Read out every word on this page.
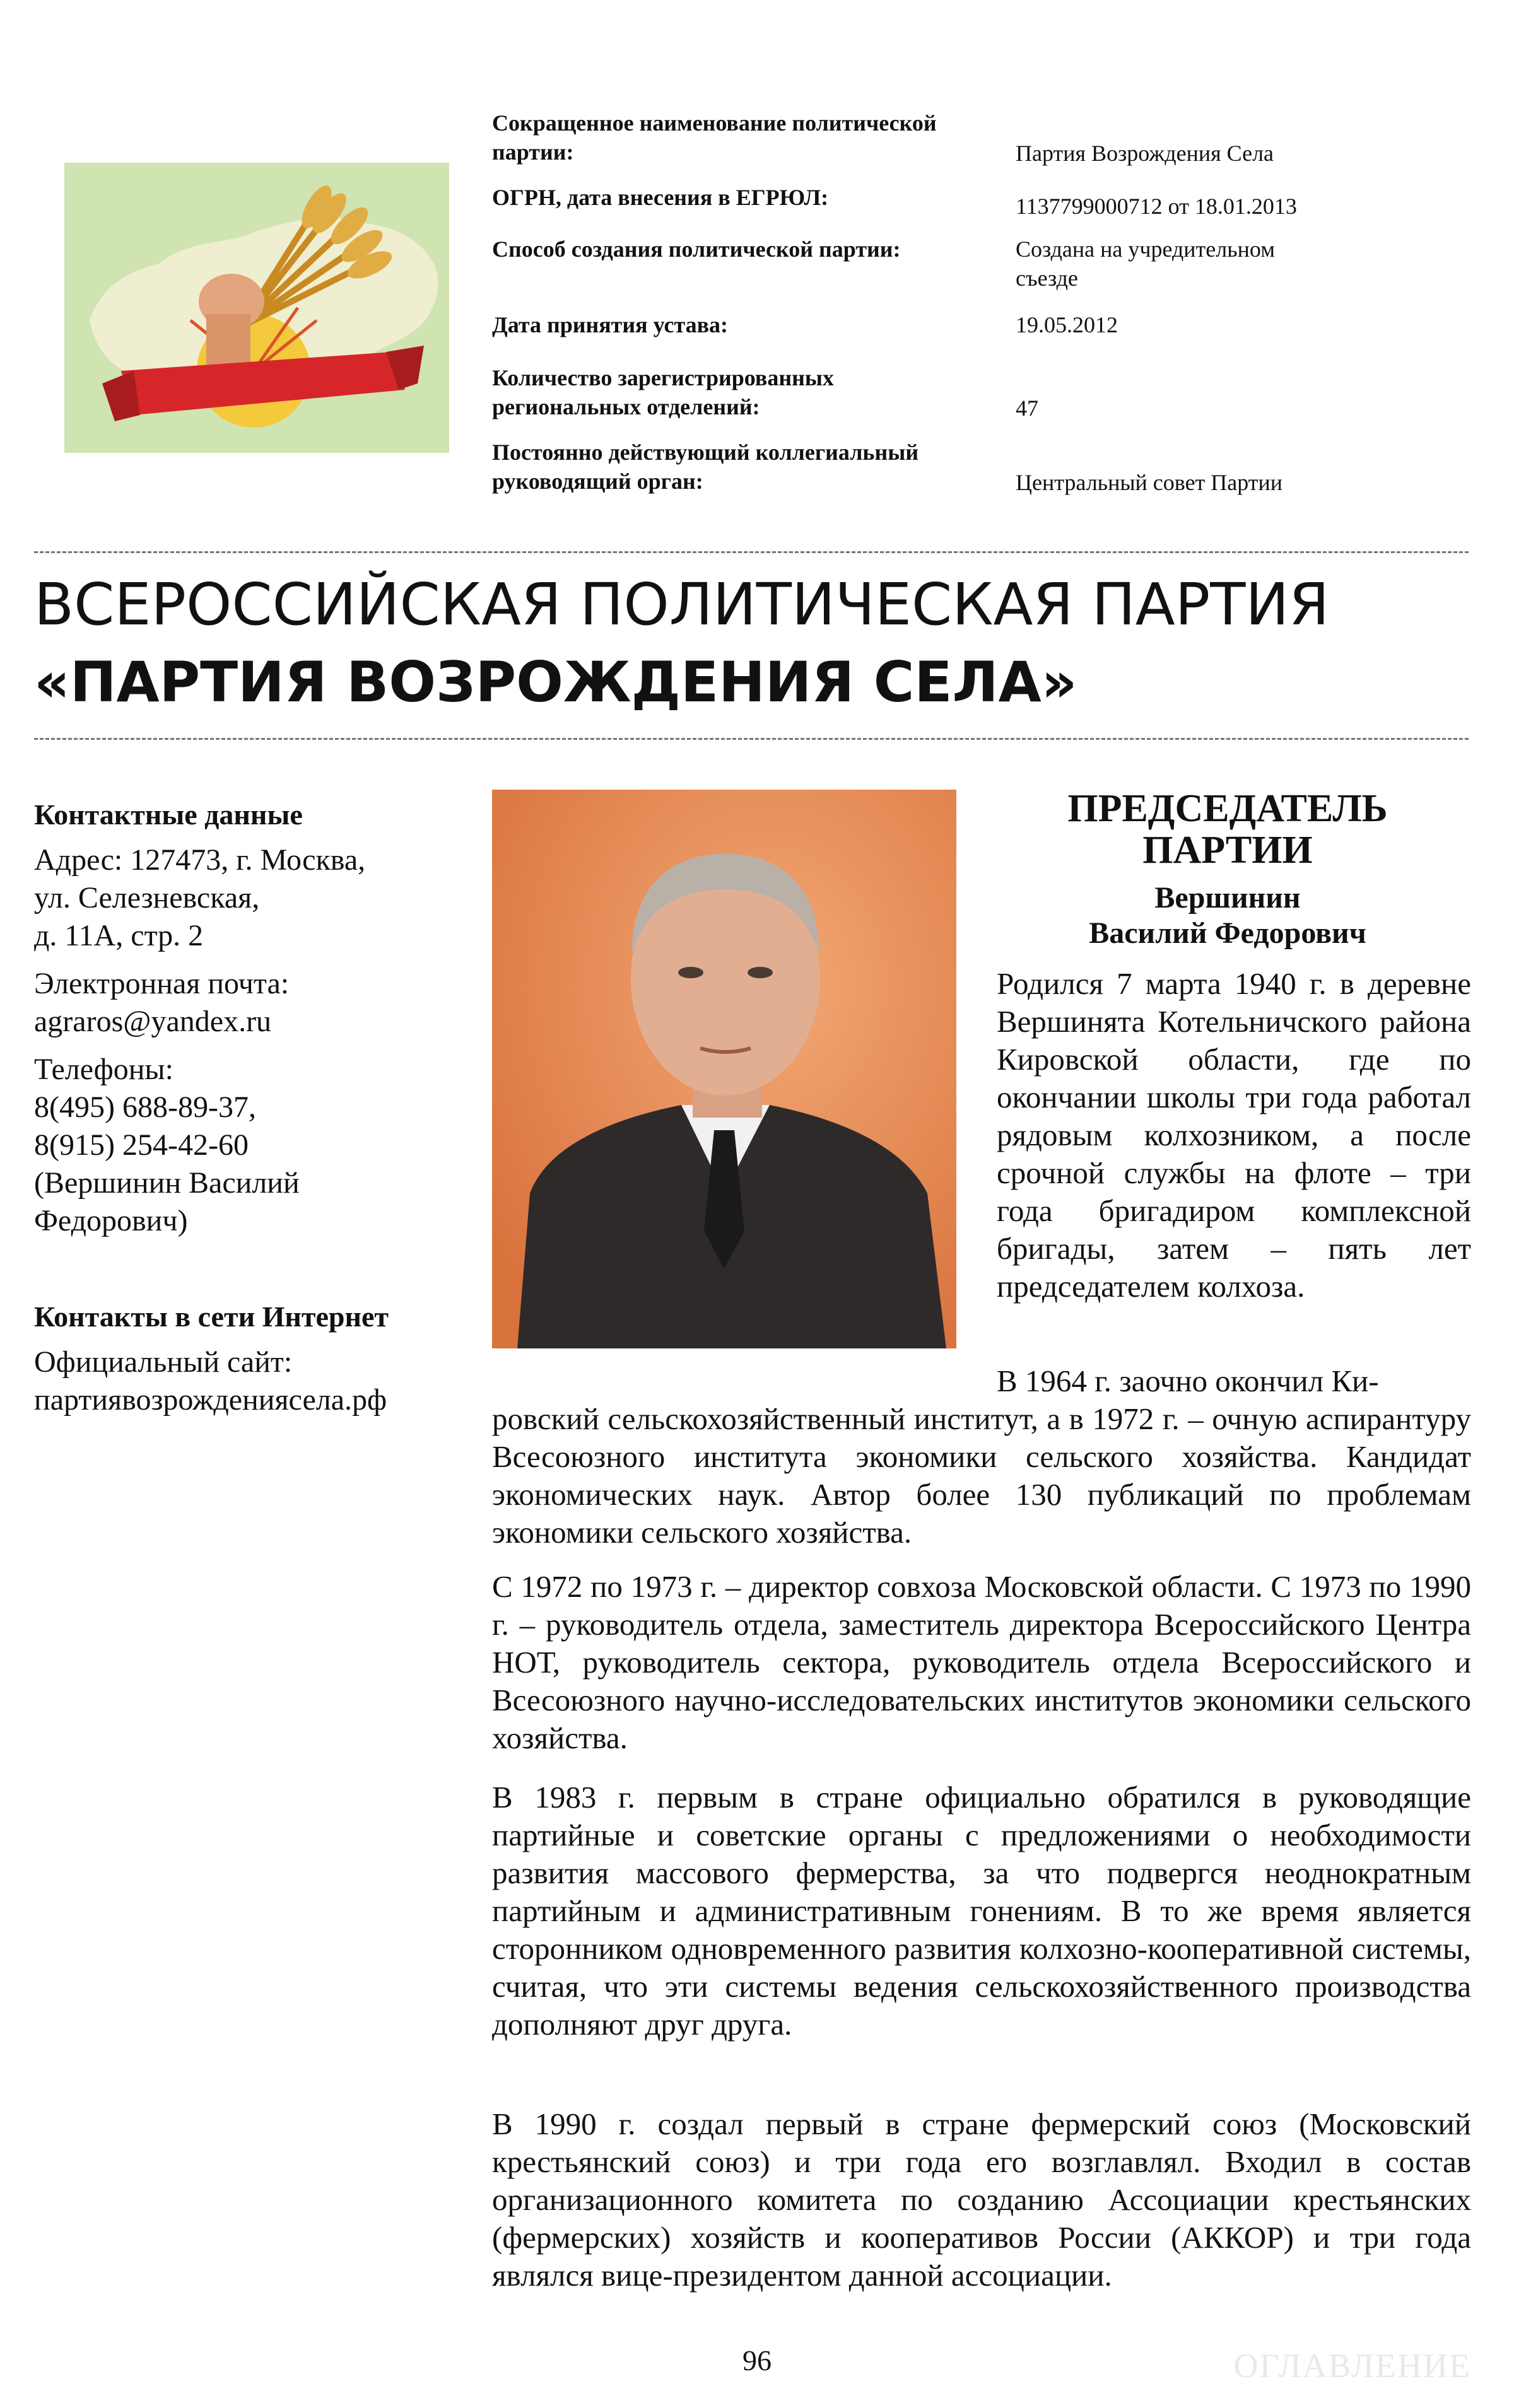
Сокращенное наименование политической партии:	Партия Возрождения Села
ОГРН, дата внесения в ЕГРЮЛ:	1137799000712 от 18.01.2013
Способ создания политической партии:	Создана на учредительном съезде
Дата принятия устава:	19.05.2012
Количество зарегистрированных региональных отделений:	47
Постоянно действующий коллегиальный руководящий орган:	Центральный совет Партии
ВСЕРОССИЙСКАЯ ПОЛИТИЧЕСКАЯ ПАРТИЯ
«ПАРТИЯ ВОЗРОЖДЕНИЯ СЕЛА»
Контактные данные
Адрес: 127473, г. Москва,
ул. Селезневская,
д. 11А, стр. 2
Электронная почта:
agraros@yandex.ru
Телефоны:
8(495) 688-89-37,
8(915) 254-42-60
(Вершинин Василий
Федорович)
Контакты в сети Интернет
Официальный сайт:
партиявозрождениясела.рф
ПРЕДСЕДАТЕЛЬ
ПАРТИИ
Вершинин
Василий Федорович

Родился 7 марта 1940 г. в деревне Вершинята Котельничского района Кировской области, где по окончании школы три года работал рядовым колхозником, а после срочной службы на флоте – три года бригадиром комплексной бригады, затем – пять лет председателем колхоза.

В 1964 г. заочно окончил Ки-

ровский сельскохозяйственный институт, а в 1972 г. – очную аспирантуру Всесоюзного института экономики сельского хозяйства. Кандидат экономических наук. Автор более 130 публикаций по проблемам экономики сельского хозяйства.

С 1972 по 1973 г. – директор совхоза Московской области. С 1973 по 1990 г. – руководитель отдела, заместитель директора Всероссийского Центра НОТ, руководитель сектора, руководитель отдела Всероссийского и Всесоюзного научно-исследовательских институтов экономики сельского хозяйства.

В 1983 г. первым в стране официально обратился в руководящие партийные и советские органы с предложениями о необходимости развития массового фермерства, за что подвергся неоднократным партийным и административным гонениям. В то же время является сторонником одновременного развития колхозно-кооперативной системы, считая, что эти системы ведения сельскохозяйственного производства дополняют друг друга.

В 1990 г. создал первый в стране фермерский союз (Московский крестьянский союз) и три года его возглавлял. Входил в состав организационного комитета по созданию Ассоциации крестьянских (фермерских) хозяйств и кооперативов России (АККОР) и три года являлся вице-президентом данной ассоциации.

96	ОГЛАВЛЕНИЕ
